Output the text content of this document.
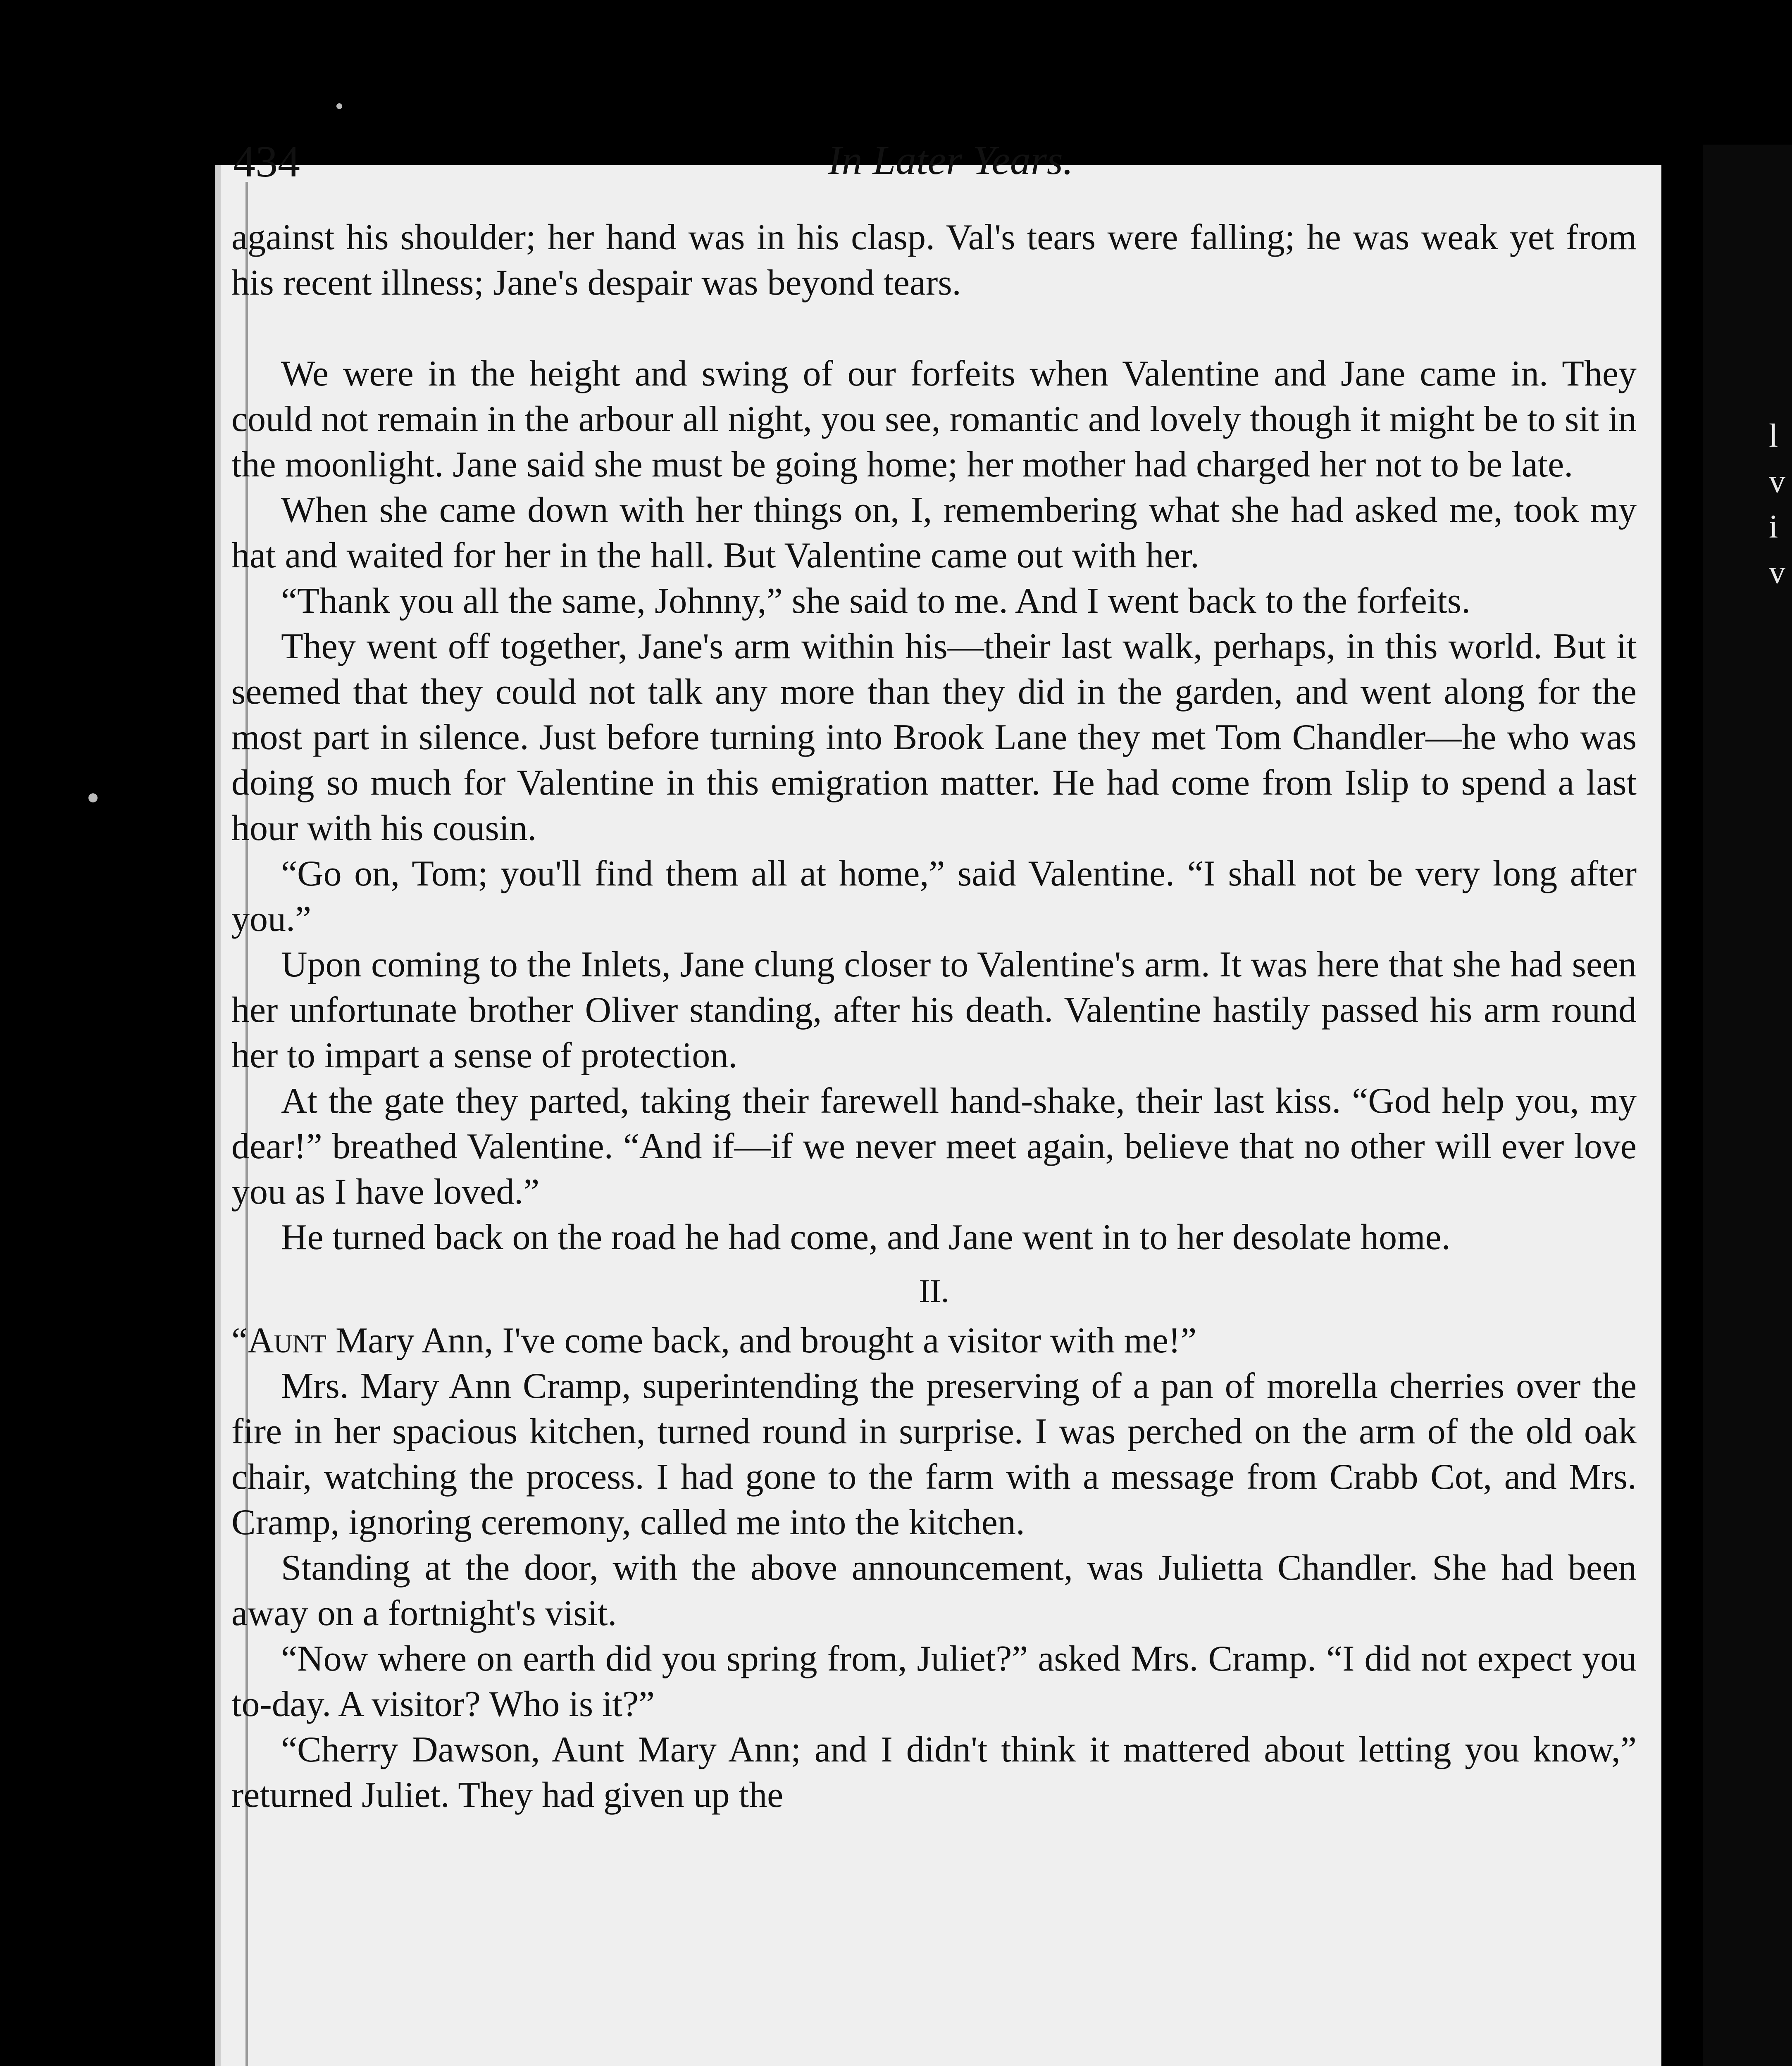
l
v
i
v
434	In Later Years.

against his shoulder; her hand was in his clasp. Val's tears were falling; he was weak yet from his recent illness; Jane's despair was beyond tears.

We were in the height and swing of our forfeits when Valentine and Jane came in. They could not remain in the arbour all night, you see, romantic and lovely though it might be to sit in the moonlight. Jane said she must be going home; her mother had charged her not to be late.

When she came down with her things on, I, remembering what she had asked me, took my hat and waited for her in the hall. But Valentine came out with her.

“Thank you all the same, Johnny,” she said to me. And I went back to the forfeits.

They went off together, Jane's arm within his—their last walk, perhaps, in this world. But it seemed that they could not talk any more than they did in the garden, and went along for the most part in silence. Just before turning into Brook Lane they met Tom Chandler—he who was doing so much for Valentine in this emigration matter. He had come from Islip to spend a last hour with his cousin.

“Go on, Tom; you'll find them all at home,” said Valentine. “I shall not be very long after you.”

Upon coming to the Inlets, Jane clung closer to Valentine's arm. It was here that she had seen her unfortunate brother Oliver standing, after his death. Valentine hastily passed his arm round her to impart a sense of protection.

At the gate they parted, taking their farewell hand-shake, their last kiss. “God help you, my dear!” breathed Valentine. “And if—if we never meet again, believe that no other will ever love you as I have loved.”

He turned back on the road he had come, and Jane went in to her desolate home.

II.

“Aunt Mary Ann, I've come back, and brought a visitor with me!”

Mrs. Mary Ann Cramp, superintending the preserving of a pan of morella cherries over the fire in her spacious kitchen, turned round in surprise. I was perched on the arm of the old oak chair, watching the process. I had gone to the farm with a message from Crabb Cot, and Mrs. Cramp, ignoring ceremony, called me into the kitchen.

Standing at the door, with the above announcement, was Julietta Chandler. She had been away on a fortnight's visit.

“Now where on earth did you spring from, Juliet?” asked Mrs. Cramp. “I did not expect you to-day. A visitor? Who is it?”

“Cherry Dawson, Aunt Mary Ann; and I didn't think it mattered about letting you know,” returned Juliet. They had given up the
